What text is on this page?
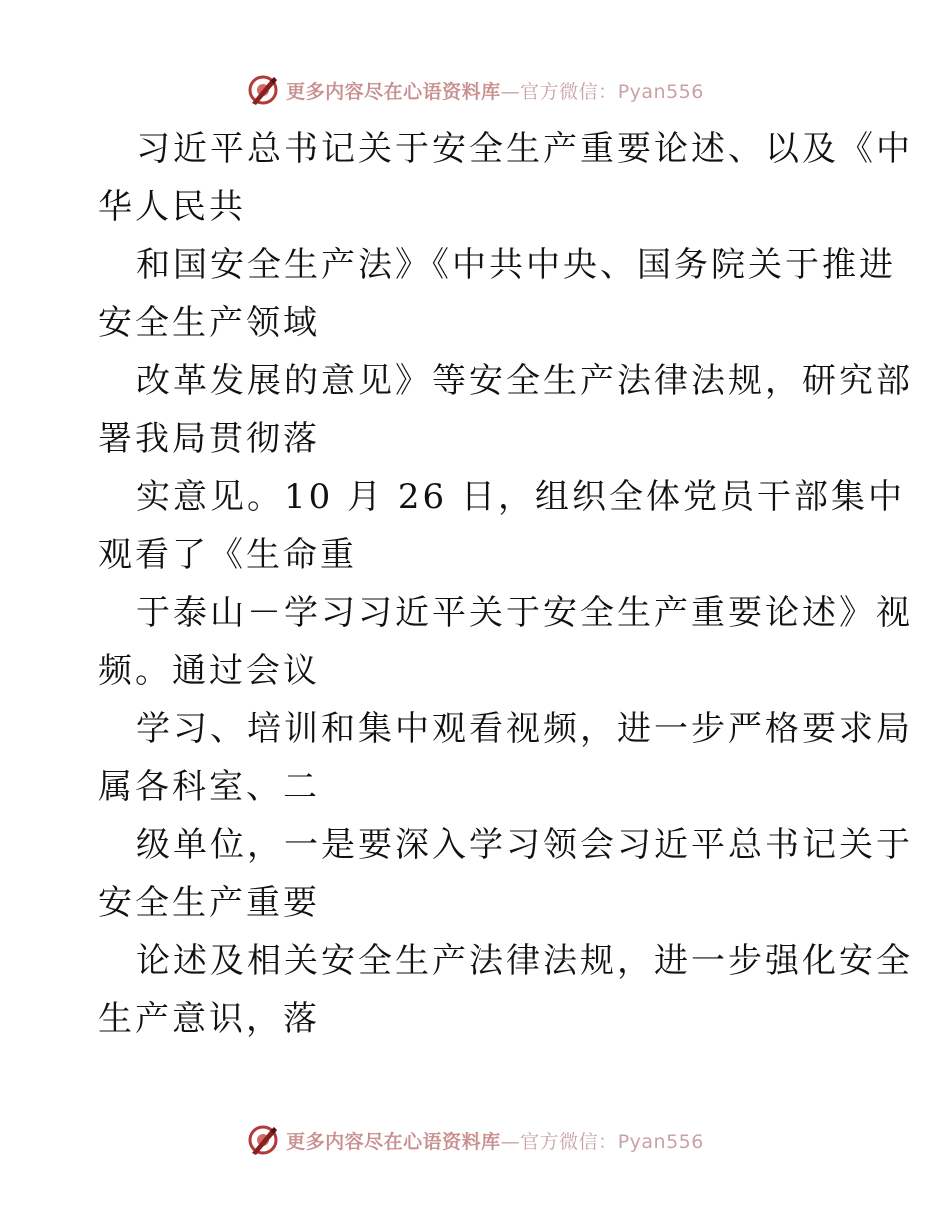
更多内容尽在心语资料库—官方微信：Pyan556
习近平总书记关于安全生产重要论述、以及《中
华人民共
和国安全生产法》《中共中央、国务院关于推进
安全生产领域
改革发展的意见》等安全生产法律法规，研究部
署我局贯彻落
实意见。10 月 26 日，组织全体党员干部集中
观看了《生命重
于泰山－学习习近平关于安全生产重要论述》视
频。通过会议
学习、培训和集中观看视频，进一步严格要求局
属各科室、二
级单位，一是要深入学习领会习近平总书记关于
安全生产重要
论述及相关安全生产法律法规，进一步强化安全
生产意识，落
更多内容尽在心语资料库—官方微信：Pyan556
